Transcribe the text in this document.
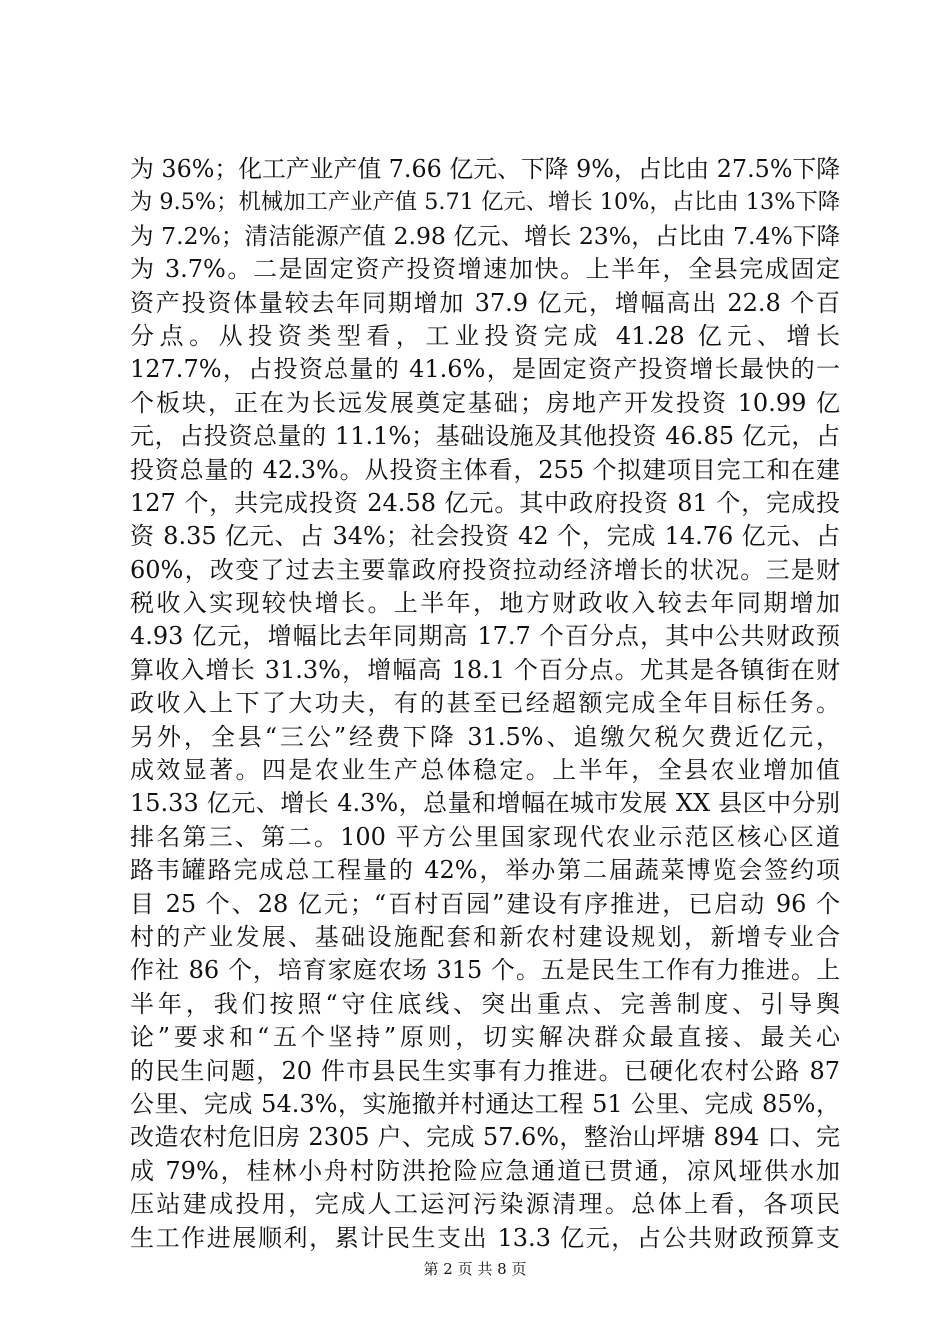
为 36%；化工产业产值 7.66 亿元、下降 9%，占比由 27.5%下降
为 9.5%；机械加工产业产值 5.71 亿元、增长 10%，占比由 13%下降
为 7.2%；清洁能源产值 2.98 亿元、增长 23%，占比由 7.4%下降
为 3.7%。二是固定资产投资增速加快。上半年，全县完成固定
资产投资体量较去年同期增加 37.9 亿元，增幅高出 22.8 个百
分点。从投资类型看，工业投资完成 41.28 亿元、增长
127.7%，占投资总量的 41.6%，是固定资产投资增长最快的一
个板块，正在为长远发展奠定基础；房地产开发投资 10.99 亿
元，占投资总量的 11.1%；基础设施及其他投资 46.85 亿元，占
投资总量的 42.3%。从投资主体看，255 个拟建项目完工和在建
127 个，共完成投资 24.58 亿元。其中政府投资 81 个，完成投
资 8.35 亿元、占 34%；社会投资 42 个，完成 14.76 亿元、占
60%，改变了过去主要靠政府投资拉动经济增长的状况。三是财
税收入实现较快增长。上半年，地方财政收入较去年同期增加
4.93 亿元，增幅比去年同期高 17.7 个百分点，其中公共财政预
算收入增长 31.3%，增幅高 18.1 个百分点。尤其是各镇街在财
政收入上下了大功夫，有的甚至已经超额完成全年目标任务。
另外，全县“三公”经费下降 31.5%、追缴欠税欠费近亿元，
成效显著。四是农业生产总体稳定。上半年，全县农业增加值
15.33 亿元、增长 4.3%，总量和增幅在城市发展 XX 县区中分别
排名第三、第二。100 平方公里国家现代农业示范区核心区道
路韦罐路完成总工程量的 42%，举办第二届蔬菜博览会签约项
目 25 个、28 亿元；“百村百园”建设有序推进，已启动 96 个
村的产业发展、基础设施配套和新农村建设规划，新增专业合
作社 86 个，培育家庭农场 315 个。五是民生工作有力推进。上
半年，我们按照“守住底线、突出重点、完善制度、引导舆
论”要求和“五个坚持”原则，切实解决群众最直接、最关心
的民生问题，20 件市县民生实事有力推进。已硬化农村公路 87
公里、完成 54.3%，实施撤并村通达工程 51 公里、完成 85%，
改造农村危旧房 2305 户、完成 57.6%，整治山坪塘 894 口、完
成 79%，桂林小舟村防洪抢险应急通道已贯通，凉风垭供水加
压站建成投用，完成人工运河污染源清理。总体上看，各项民
生工作进展顺利，累计民生支出 13.3 亿元，占公共财政预算支
第 2 页 共 8 页
